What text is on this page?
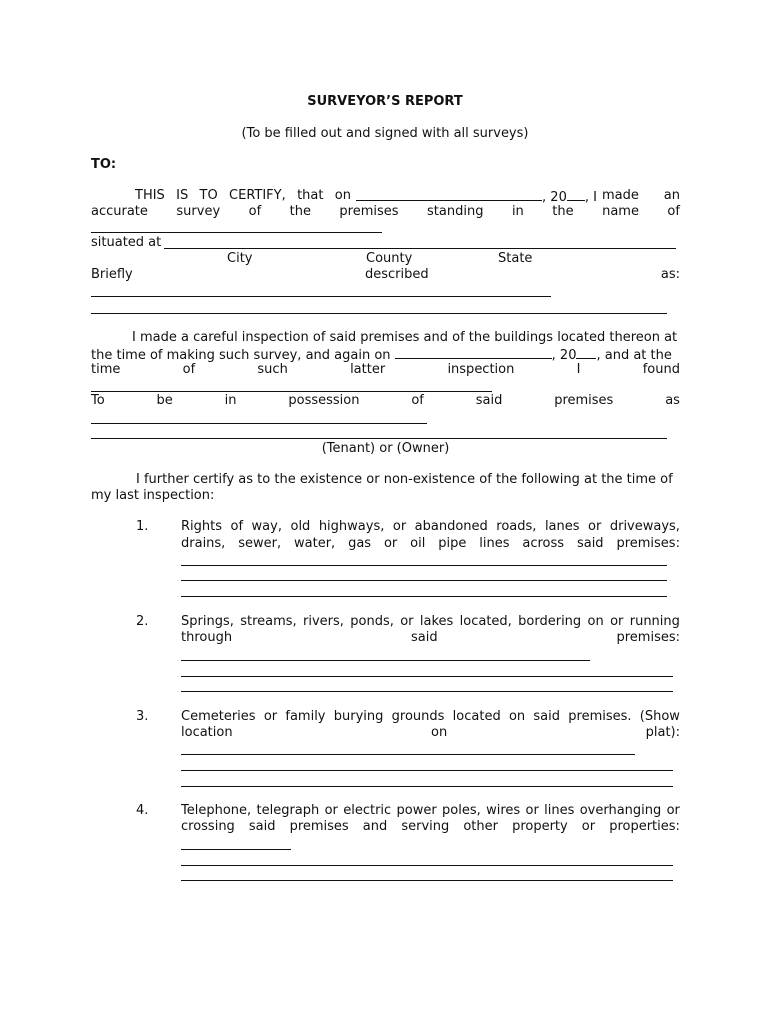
SURVEYOR’S REPORT
(To be filled out and signed with all surveys)
TO:
THIS IS TO CERTIFY, that on	, 20 , I made an
accurate survey of the premises standing in the name of
situated at
City	County	State
Briefly	described	as:
I made a careful inspection of said premises and of the buildings located thereon at
the time of making such survey, and again on	, 20 , and at the
time	of	such	latter	inspection	I	found
To	be	in	possession	of	said	premises	as
(Tenant) or (Owner)
I further certify as to the existence or non-existence of the following at the time of
my last inspection:
1.	Rights of way, old highways, or abandoned roads, lanes or driveways,
drains, sewer, water, gas or oil pipe lines across said premises:
2.	Springs, streams, rivers, ponds, or lakes located, bordering on or running
through	said	premises:
3.	Cemeteries or family burying grounds located on said premises. (Show
location	on	plat):
4.	Telephone, telegraph or electric power poles, wires or lines overhanging or
crossing said premises and serving other property or properties:
